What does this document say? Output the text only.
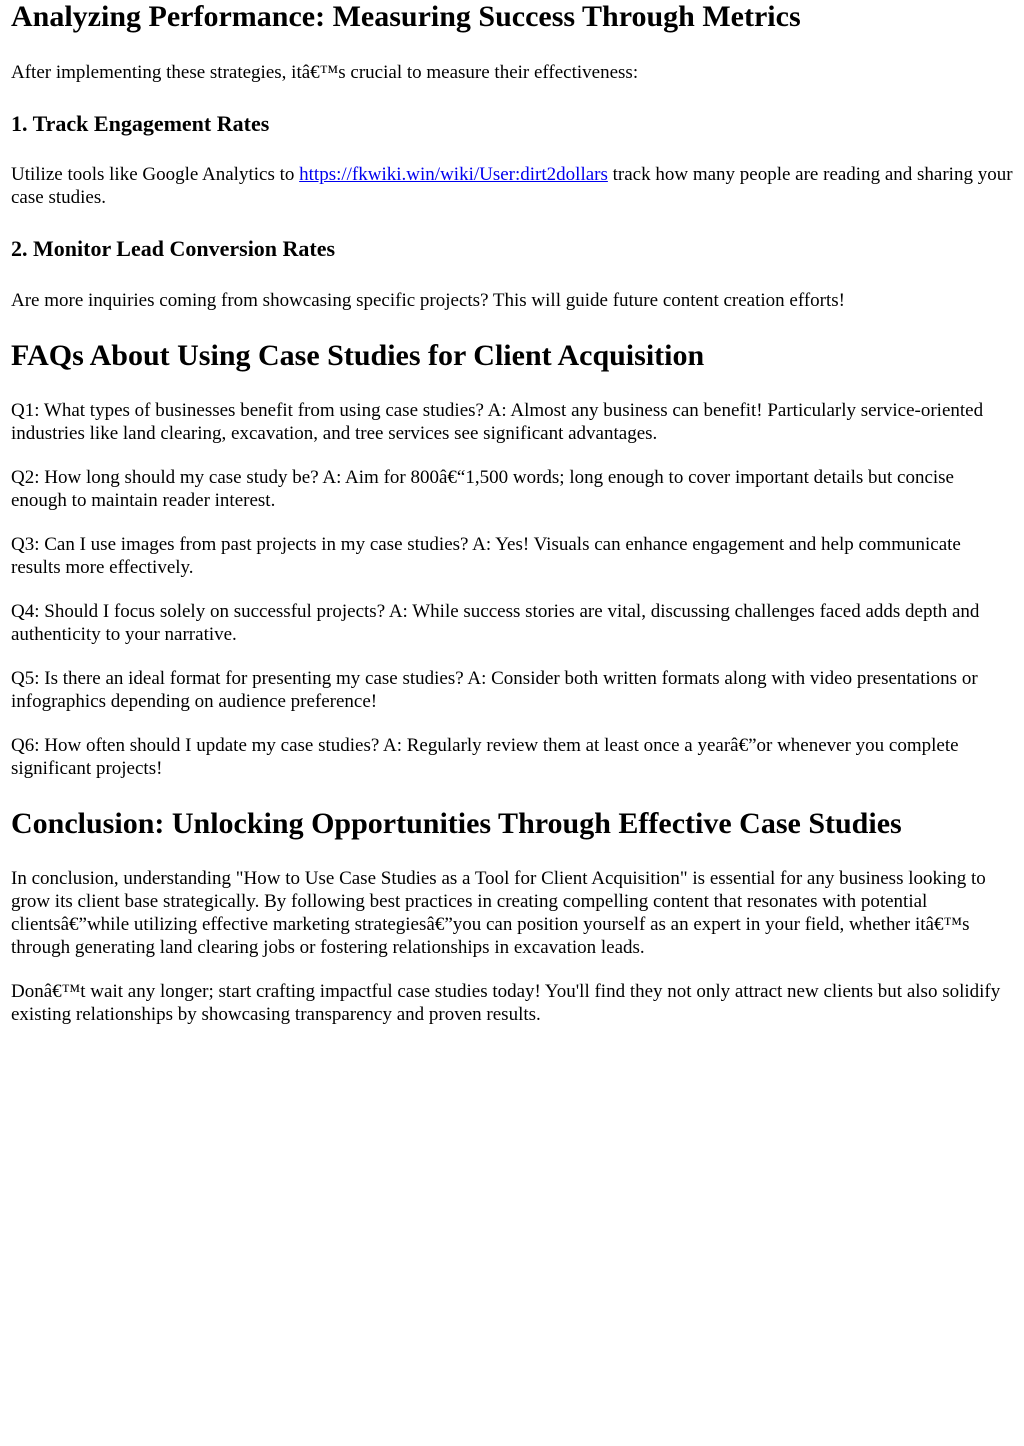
Analyzing Performance: Measuring Success Through Metrics

After implementing these strategies, itâ€™s crucial to measure their effectiveness:

1. Track Engagement Rates

Utilize tools like Google Analytics to https://fkwiki.win/wiki/User:dirt2dollars track how many people are reading and sharing your case studies.

2. Monitor Lead Conversion Rates

Are more inquiries coming from showcasing specific projects? This will guide future content creation efforts!

FAQs About Using Case Studies for Client Acquisition

Q1: What types of businesses benefit from using case studies? A: Almost any business can benefit! Particularly service-oriented industries like land clearing, excavation, and tree services see significant advantages.

Q2: How long should my case study be? A: Aim for 800â€“1,500 words; long enough to cover important details but concise enough to maintain reader interest.

Q3: Can I use images from past projects in my case studies? A: Yes! Visuals can enhance engagement and help communicate results more effectively.

Q4: Should I focus solely on successful projects? A: While success stories are vital, discussing challenges faced adds depth and authenticity to your narrative.

Q5: Is there an ideal format for presenting my case studies? A: Consider both written formats along with video presentations or infographics depending on audience preference!

Q6: How often should I update my case studies? A: Regularly review them at least once a yearâ€”or whenever you complete significant projects!

Conclusion: Unlocking Opportunities Through Effective Case Studies

In conclusion, understanding "How to Use Case Studies as a Tool for Client Acquisition" is essential for any business looking to grow its client base strategically. By following best practices in creating compelling content that resonates with potential clientsâ€”while utilizing effective marketing strategiesâ€”you can position yourself as an expert in your field, whether itâ€™s through generating land clearing jobs or fostering relationships in excavation leads.

Donâ€™t wait any longer; start crafting impactful case studies today! You'll find they not only attract new clients but also solidify existing relationships by showcasing transparency and proven results.
